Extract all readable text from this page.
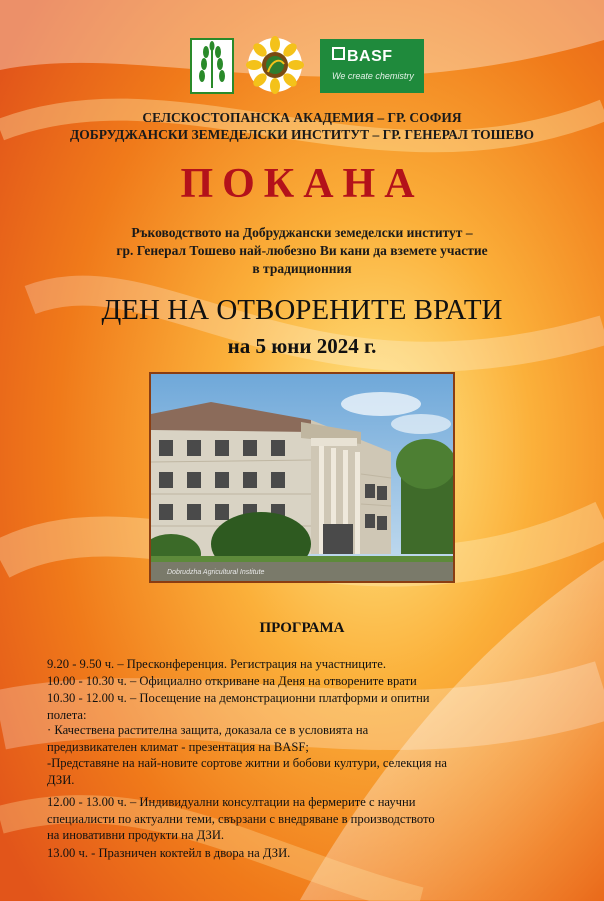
BASF
We create chemistry
СЕЛСКОСТОПАНСКА АКАДЕМИЯ – ГР. СОФИЯ
ДОБРУДЖАНСКИ ЗЕМЕДЕЛСКИ ИНСТИТУТ – ГР. ГЕНЕРАЛ ТОШЕВО
ПОКАНА
Ръководството на Добруджански земеделски институт –
гр. Генерал Тошево най-любезно Ви кани да вземете участие
в традиционния
ДЕН НА ОТВОРЕНИТЕ ВРАТИ
на 5 юни 2024 г.
Dobrudzha Agricultural Institute
ПРОГРАМА
9.20 - 9.50 ч. – Пресконференция. Регистрация на участниците.
10.00 - 10.30 ч. – Официално откриване на Деня на отворените врати
10.30 - 12.00 ч. – Посещение на демонстрационни платформи и опитни
полета:
· Качествена растителна защита, доказала се в условията на
предизвикателен климат - презентация на BASF;
-Представяне на най-новите сортове житни и бобови култури, селекция на
ДЗИ.
12.00 - 13.00 ч. – Индивидуални консултации на фермерите с научни
специалисти по актуални теми, свързани с внедряване в производството
на иновативни продукти на ДЗИ.
13.00 ч. - Празничен коктейл в двора на ДЗИ.
